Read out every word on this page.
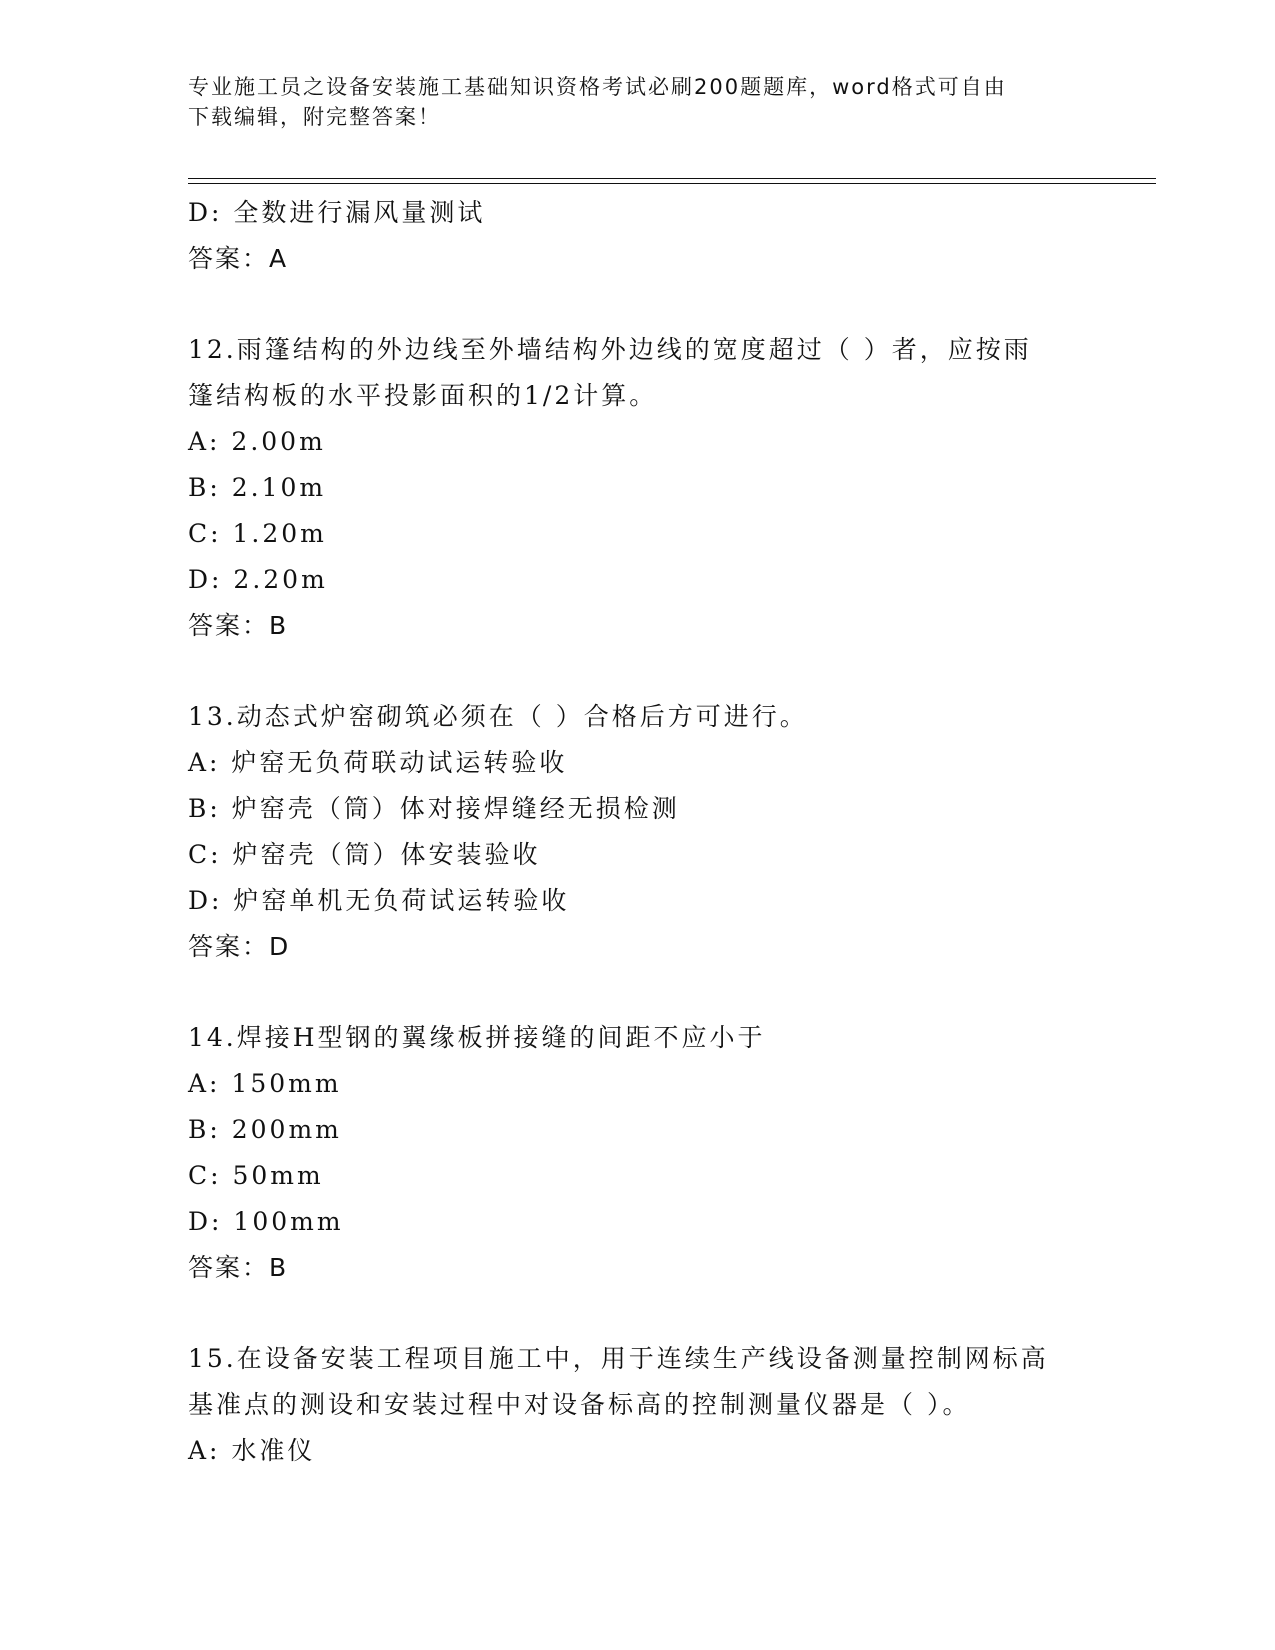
专业施工员之设备安装施工基础知识资格考试必刷200题题库，word格式可自由
下载编辑，附完整答案！
D: 全数进行漏风量测试
答案：A
12.雨篷结构的外边线至外墙结构外边线的宽度超过（ ）者，应按雨
篷结构板的水平投影面积的1/2计算。
A: 2.00m
B: 2.10m
C: 1.20m
D: 2.20m
答案：B
13.动态式炉窑砌筑必须在（ ）合格后方可进行。
A: 炉窑无负荷联动试运转验收
B: 炉窑壳（筒）体对接焊缝经无损检测
C: 炉窑壳（筒）体安装验收
D: 炉窑单机无负荷试运转验收
答案：D
14.焊接H型钢的翼缘板拼接缝的间距不应小于
A: 150mm
B: 200mm
C: 50mm
D: 100mm
答案：B
15.在设备安装工程项目施工中，用于连续生产线设备测量控制网标高
基准点的测设和安装过程中对设备标高的控制测量仪器是（ ）。
A: 水准仪
